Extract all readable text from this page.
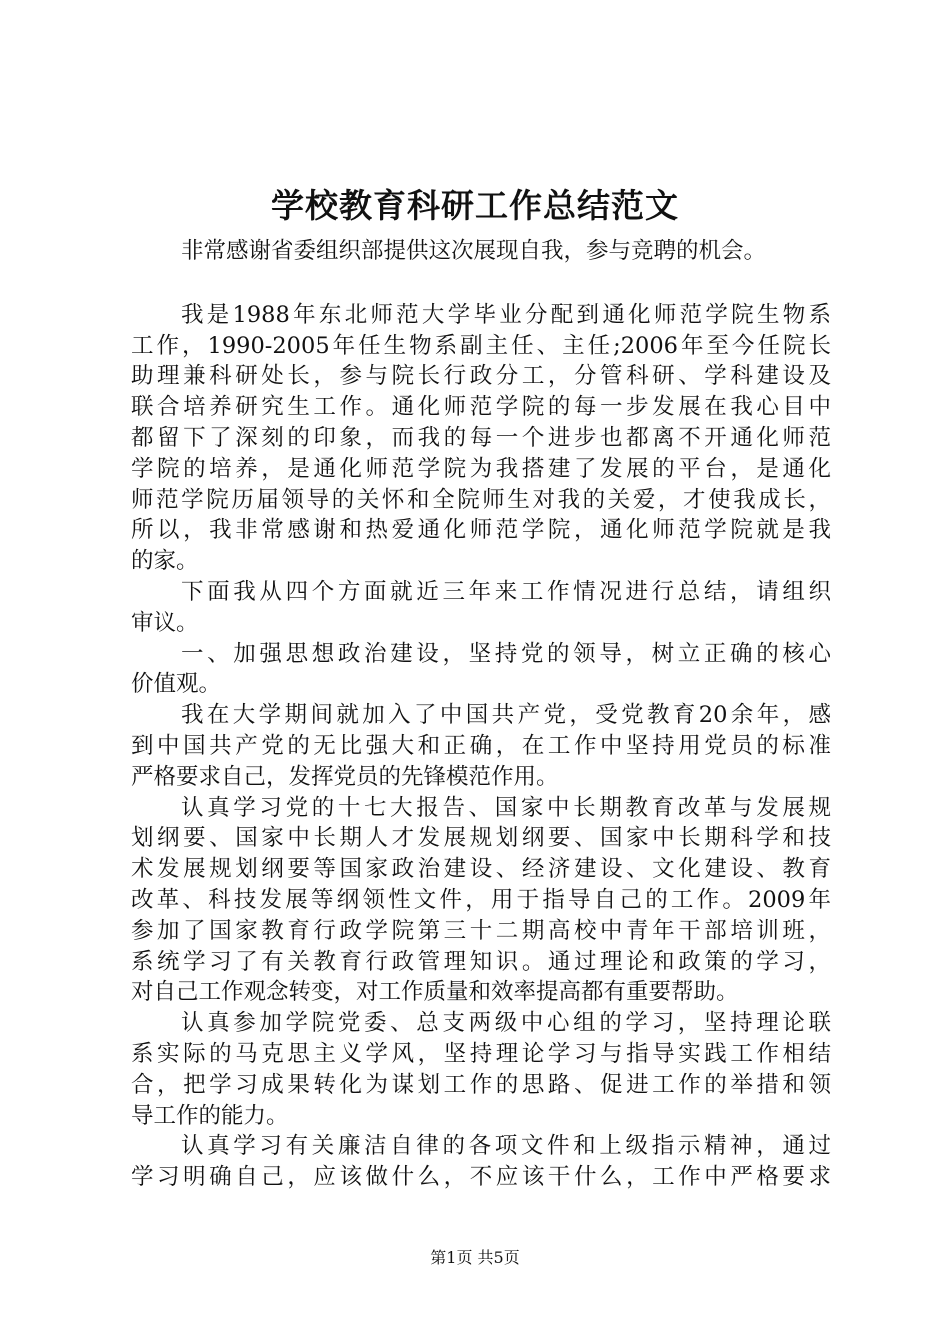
学校教育科研工作总结范文
非常感谢省委组织部提供这次展现自我，参与竞聘的机会。
我是1988年东北师范大学毕业分配到通化师范学院生物系
工作，1990-2005年任生物系副主任、主任;2006年至今任院长
助理兼科研处长，参与院长行政分工，分管科研、学科建设及
联合培养研究生工作。通化师范学院的每一步发展在我心目中
都留下了深刻的印象，而我的每一个进步也都离不开通化师范
学院的培养，是通化师范学院为我搭建了发展的平台，是通化
师范学院历届领导的关怀和全院师生对我的关爱，才使我成长，
所以，我非常感谢和热爱通化师范学院，通化师范学院就是我
的家。
下面我从四个方面就近三年来工作情况进行总结，请组织
审议。
一、加强思想政治建设，坚持党的领导，树立正确的核心
价值观。
我在大学期间就加入了中国共产党，受党教育20余年，感
到中国共产党的无比强大和正确，在工作中坚持用党员的标准
严格要求自己，发挥党员的先锋模范作用。
认真学习党的十七大报告、国家中长期教育改革与发展规
划纲要、国家中长期人才发展规划纲要、国家中长期科学和技
术发展规划纲要等国家政治建设、经济建设、文化建设、教育
改革、科技发展等纲领性文件，用于指导自己的工作。2009年
参加了国家教育行政学院第三十二期高校中青年干部培训班，
系统学习了有关教育行政管理知识。通过理论和政策的学习，
对自己工作观念转变，对工作质量和效率提高都有重要帮助。
认真参加学院党委、总支两级中心组的学习，坚持理论联
系实际的马克思主义学风，坚持理论学习与指导实践工作相结
合，把学习成果转化为谋划工作的思路、促进工作的举措和领
导工作的能力。
认真学习有关廉洁自律的各项文件和上级指示精神，通过
学习明确自己，应该做什么，不应该干什么，工作中严格要求
第1页 共5页
